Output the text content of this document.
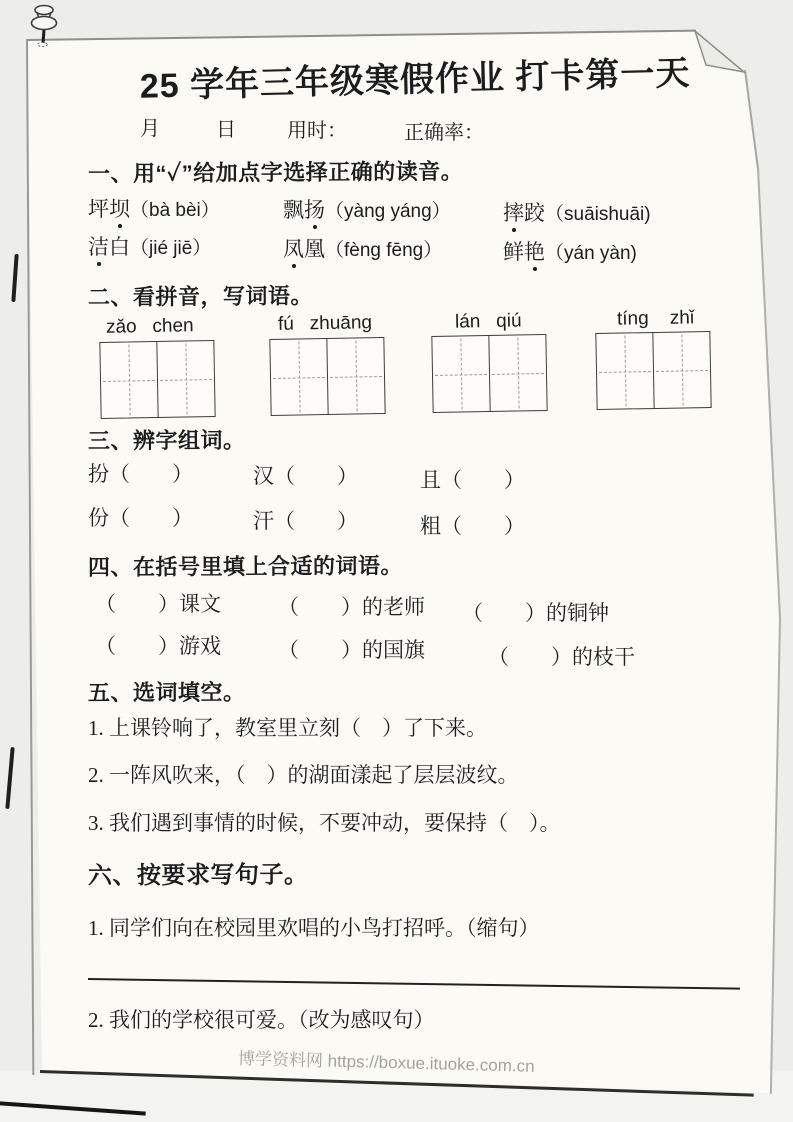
25 学年三年级寒假作业 打卡第一天
月	日	用时：	正确率：
一、用“✓”给加点字选择正确的读音。
坪坝（bà bèi）	飘扬（yàng yáng） 摔跤（suāishuāi)
洁白（jié jiē）	凤凰（fèng fēng）	鲜艳（yán yàn)
二、看拼音，写词语。
zǎo   chen	fú   zhuāng	lán   qiú	tíng    zhǐ
三、辨字组词。
扮（　　）	汉（　　）	且（　　）
份（　　）	汗（　　）	粗（　　）
四、在括号里填上合适的词语。
（　　）课文	（　　）的老师 （　　）的铜钟
（　　）游戏	（　　）的国旗	（　　）的枝干
五、选词填空。
1. 上课铃响了，教室里立刻（　）了下来。
2. 一阵风吹来，（　）的湖面漾起了层层波纹。
3. 我们遇到事情的时候，不要冲动，要保持（　）。
六、按要求写句子。
1. 同学们向在校园里欢唱的小鸟打招呼。（缩句）
2. 我们的学校很可爱。（改为感叹句）
博学资料网 https://boxue.ituoke.com.cn
